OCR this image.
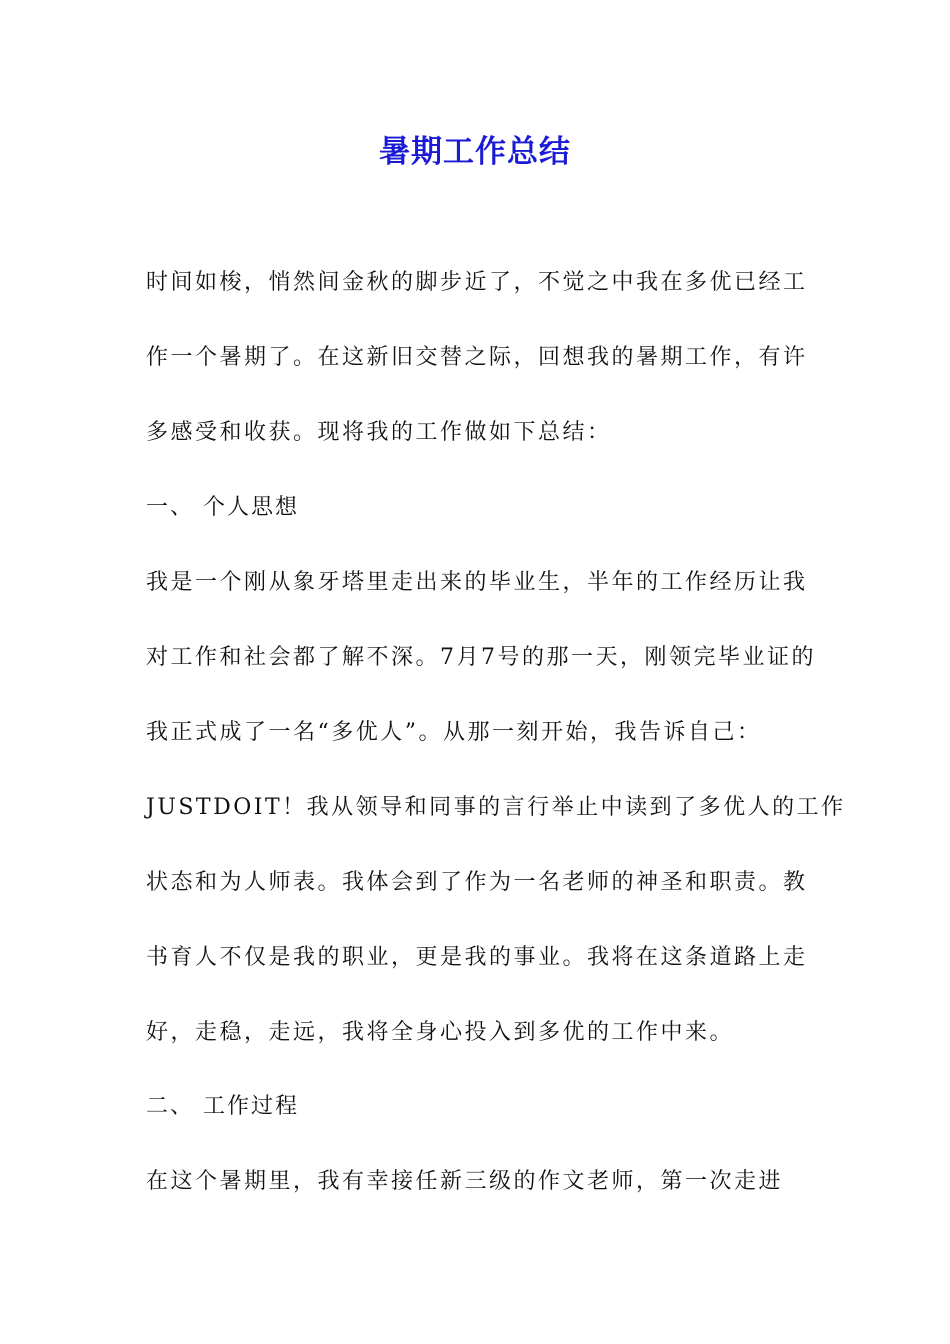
暑期工作总结
时间如梭，悄然间金秋的脚步近了，不觉之中我在多优已经工
作一个暑期了。在这新旧交替之际，回想我的暑期工作，有许
多感受和收获。现将我的工作做如下总结：
一、 个人思想
我是一个刚从象牙塔里走出来的毕业生，半年的工作经历让我
对工作和社会都了解不深。7月7号的那一天，刚领完毕业证的
我正式成了一名“多优人”。从那一刻开始，我告诉自己：
JUSTDOIT！我从领导和同事的言行举止中读到了多优人的工作
状态和为人师表。我体会到了作为一名老师的神圣和职责。教
书育人不仅是我的职业，更是我的事业。我将在这条道路上走
好，走稳，走远，我将全身心投入到多优的工作中来。
二、 工作过程
在这个暑期里，我有幸接任新三级的作文老师，第一次走进
